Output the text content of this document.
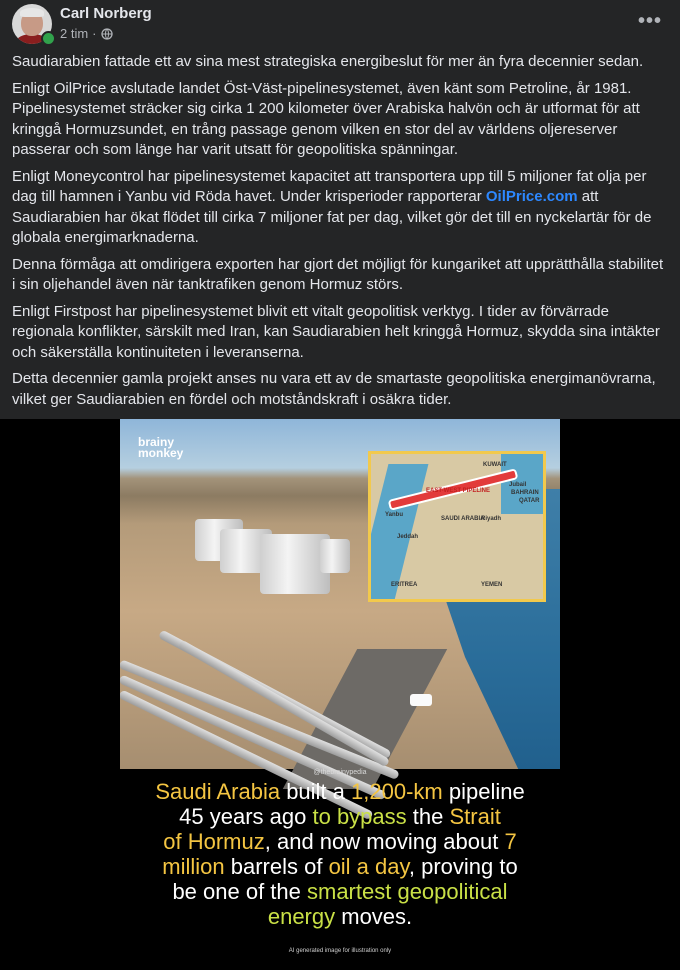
Carl Norberg
2 tim ·
•••

Saudiarabien fattade ett av sina mest strategiska energibeslut för mer än fyra decennier sedan.

Enligt OilPrice avslutade landet Öst-Väst-pipelinesystemet, även känt som Petroline, år 1981. Pipelinesystemet sträcker sig cirka 1 200 kilometer över Arabiska halvön och är utformat för att kringgå Hormuzsundet, en trång passage genom vilken en stor del av världens oljereserver passerar och som länge har varit utsatt för geopolitiska spänningar.

Enligt Moneycontrol har pipelinesystemet kapacitet att transportera upp till 5 miljoner fat olja per dag till hamnen i Yanbu vid Röda havet. Under krisperioder rapporterar OilPrice.com att Saudiarabien har ökat flödet till cirka 7 miljoner fat per dag, vilket gör det till en nyckelartär för de globala energimarknaderna.

Denna förmåga att omdirigera exporten har gjort det möjligt för kungariket att upprätthålla stabilitet i sin oljehandel även när tanktrafiken genom Hormuz störs.

Enligt Firstpost har pipelinesystemet blivit ett vitalt geopolitisk verktyg. I tider av förvärrade regionala konflikter, särskilt med Iran, kan Saudiarabien helt kringgå Hormuz, skydda sina intäkter och säkerställa kontinuiteten i leveranserna.

Detta decennier gamla projekt anses nu vara ett av de smartaste geopolitiska energimanövrarna, vilket ger Saudiarabien en fördel och motståndskraft i osäkra tider.

brainy
monkey
KUWAIT
Jubail
BAHRAIN
QATAR
EAST-WEST PIPELINE
SAUDI ARABIA
Yanbu
Jeddah
Riyadh
ERITREA	YEMEN
@thebrainypedia
Saudi Arabia built a 1,200-km pipeline
45 years ago to bypass the Strait
of Hormuz, and now moving about 7
million barrels of oil a day, proving to
be one of the smartest geopolitical
energy moves.
AI generated image for illustration only
